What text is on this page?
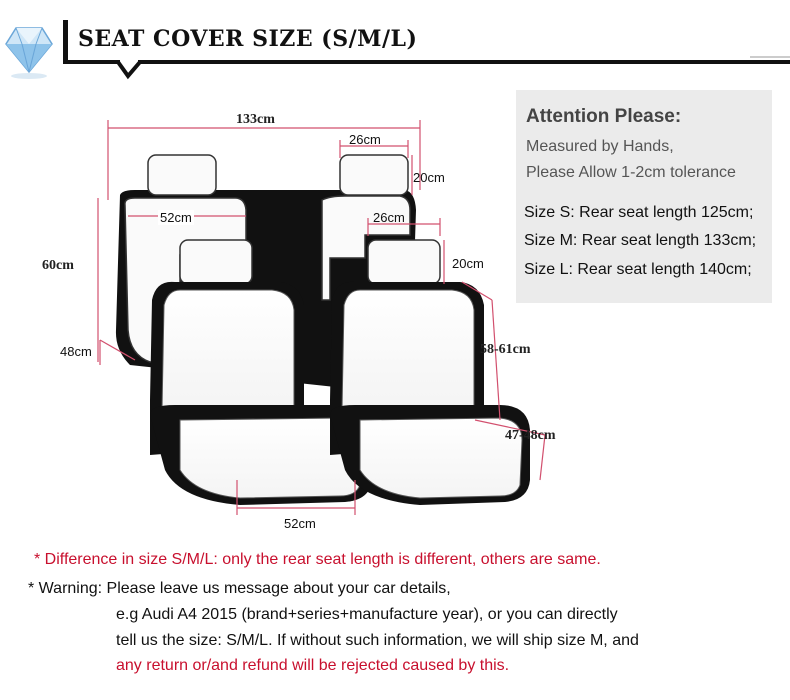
SEAT COVER SIZE (S/M/L)
133cm
26cm
20cm
52cm	26cm
60cm	20cm
58-61cm
48cm
47-48cm
52cm
Attention Please:
Measured by Hands,
Please Allow 1-2cm tolerance
Size S: Rear seat length 125cm;
Size M: Rear seat length 133cm;
Size L: Rear seat length 140cm;
* Difference in size S/M/L: only the rear seat length is different, others are same.
* Warning: Please leave us message about your car details,
e.g Audi A4 2015 (brand+series+manufacture year), or you can directly
tell us the size: S/M/L. If without such information, we will ship size M, and
any return or/and refund will be rejected caused by this.
